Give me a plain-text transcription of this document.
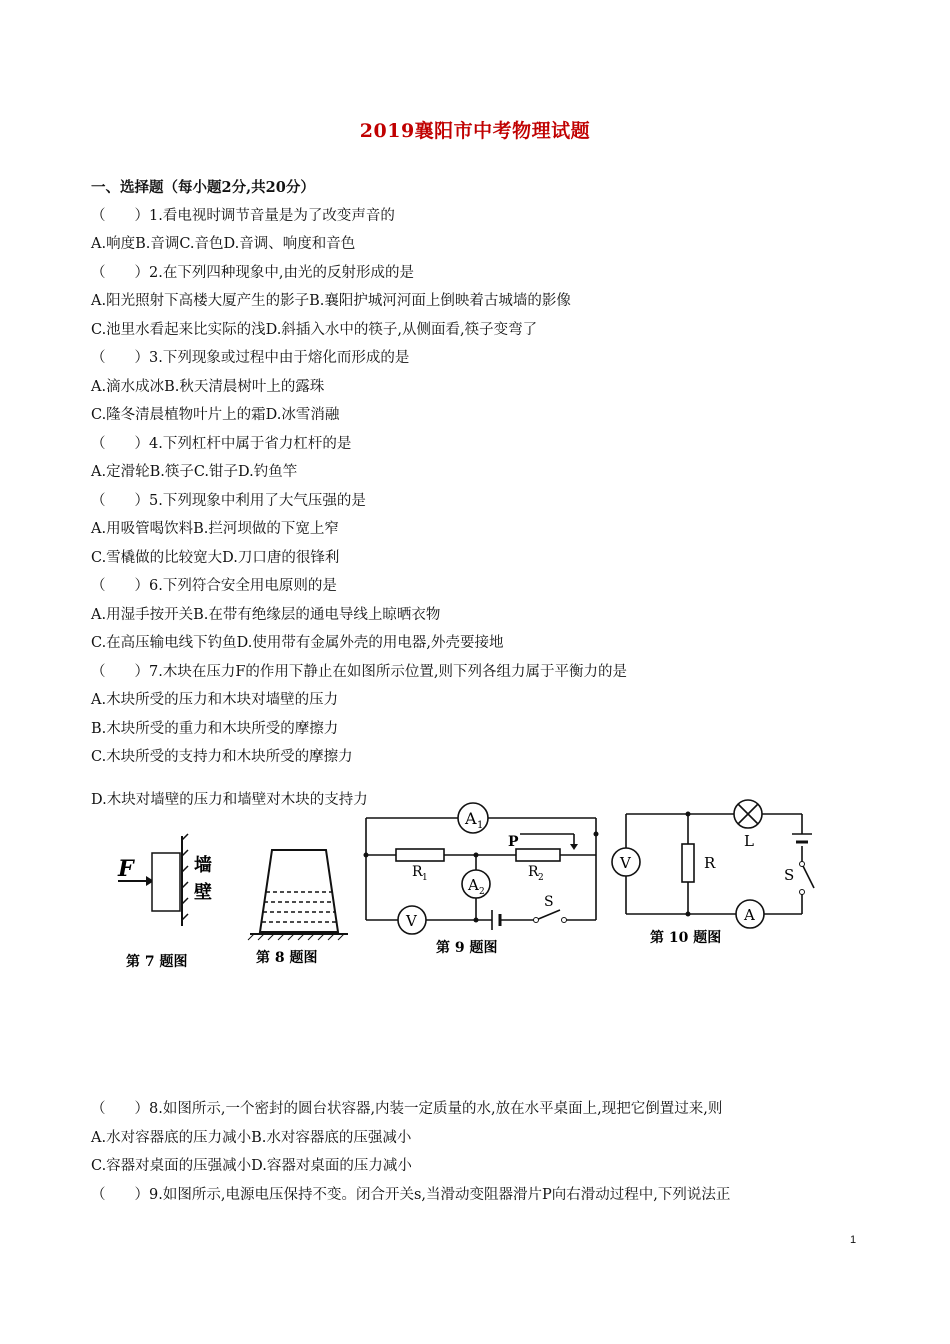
2019襄阳市中考物理试题
一、选择题（每小题2分,共20分）
（　　）1.看电视时调节音量是为了改变声音的
A.响度B.音调C.音色D.音调、响度和音色
（　　）2.在下列四种现象中,由光的反射形成的是
A.阳光照射下高楼大厦产生的影子B.襄阳护城河河面上倒映着古城墙的影像
C.池里水看起来比实际的浅D.斜插入水中的筷子,从侧面看,筷子变弯了
（　　）3.下列现象或过程中由于熔化而形成的是
A.滴水成冰B.秋天清晨树叶上的露珠
C.隆冬清晨植物叶片上的霜D.冰雪消融
（　　）4.下列杠杆中属于省力杠杆的是
A.定滑轮B.筷子C.钳子D.钓鱼竿
（　　）5.下列现象中利用了大气压强的是
A.用吸管喝饮料B.拦河坝做的下宽上窄
C.雪橇做的比较宽大D.刀口唐的很锋利
（　　）6.下列符合安全用电原则的是
A.用湿手按开关B.在带有绝缘层的通电导线上晾晒衣物
C.在高压输电线下钓鱼D.使用带有金属外壳的用电器,外壳要接地
（　　）7.木块在压力F的作用下静止在如图所示位置,则下列各组力属于平衡力的是
A.木块所受的压力和木块对墙壁的压力
B.木块所受的重力和木块所受的摩擦力
C.木块所受的支持力和木块所受的摩擦力
D.木块对墙壁的压力和墙壁对木块的支持力
F	墙
壁
第 7 题图	第 8 题图
A 1
R 1
P
R 2
A 2
V
S
第 9 题图
V	R
L
S
A
第 10 题图
（　　）8.如图所示,一个密封的圆台状容器,内装一定质量的水,放在水平桌面上,现把它倒置过来,则
A.水对容器底的压力减小B.水对容器底的压强减小
C.容器对桌面的压强减小D.容器对桌面的压力减小
（　　）9.如图所示,电源电压保持不变。闭合开关s,当滑动变阻器滑片P向右滑动过程中,下列说法正
1
